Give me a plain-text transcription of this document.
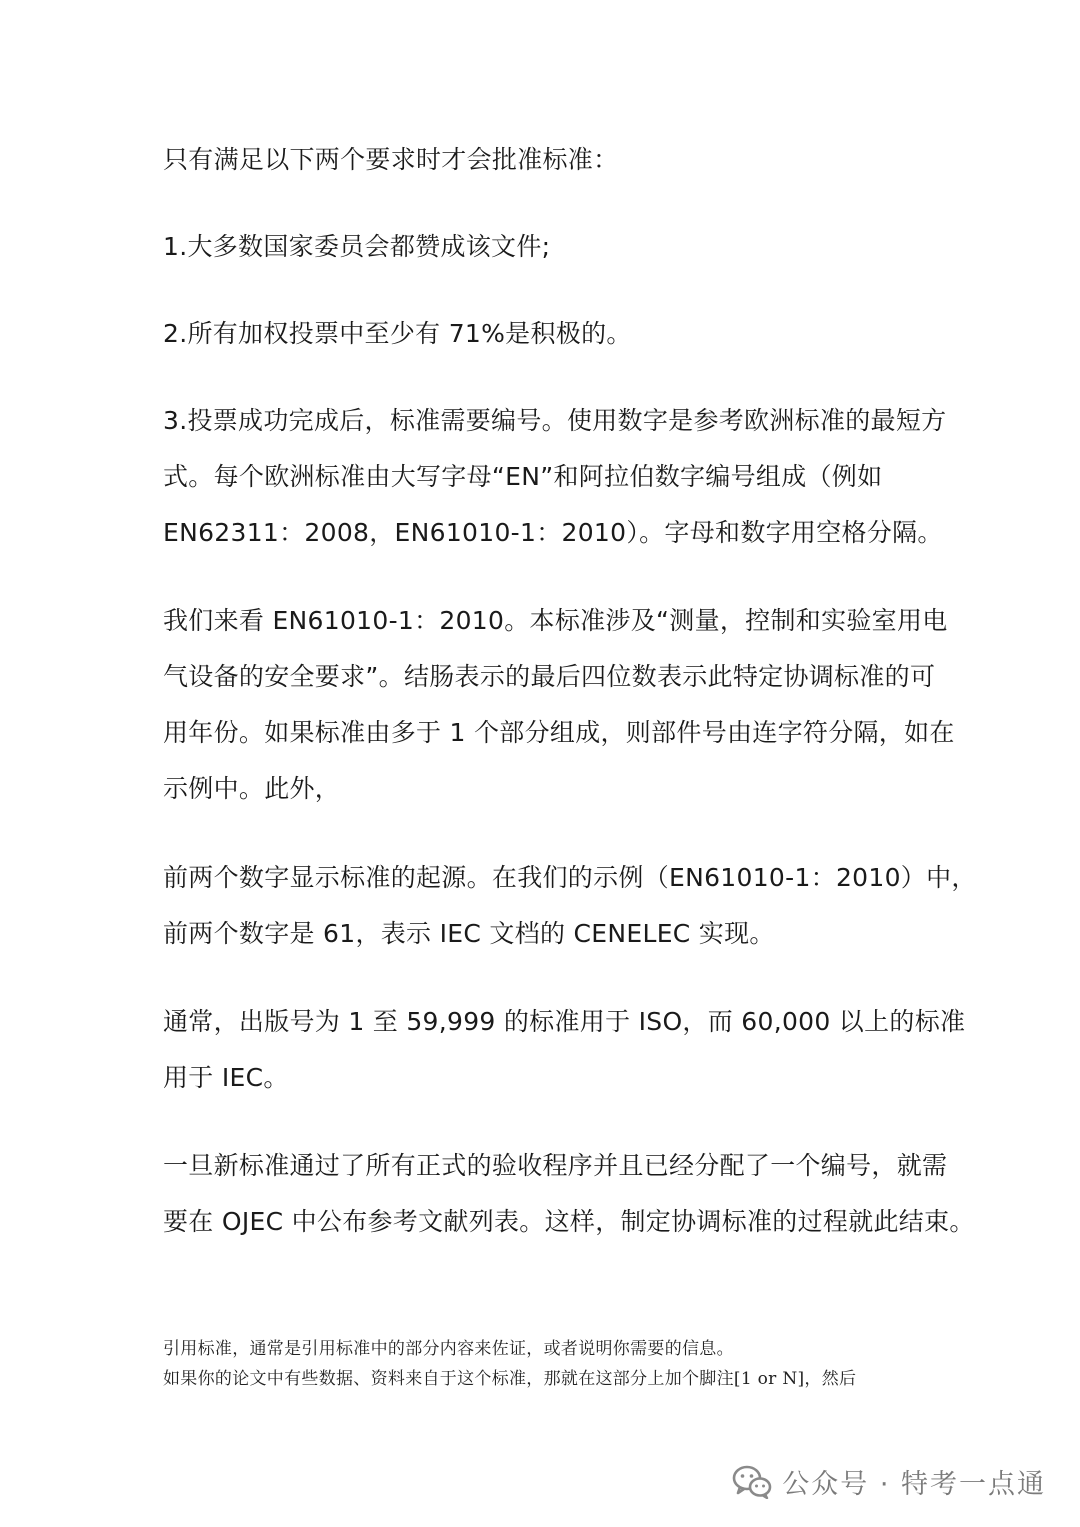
只有满足以下两个要求时才会批准标准：

1.大多数国家委员会都赞成该文件;

2.所有加权投票中至少有 71%是积极的。

3.投票成功完成后，标准需要编号。使用数字是参考欧洲标准的最短方
式。每个欧洲标准由大写字母“EN”和阿拉伯数字编号组成（例如
EN62311：2008，EN61010-1：2010）。字母和数字用空格分隔。

我们来看 EN61010-1：2010。本标准涉及“测量，控制和实验室用电
气设备的安全要求”。结肠表示的最后四位数表示此特定协调标准的可
用年份。如果标准由多于 1 个部分组成，则部件号由连字符分隔，如在
示例中。此外，

前两个数字显示标准的起源。在我们的示例（EN61010-1：2010）中，
前两个数字是 61，表示 IEC 文档的 CENELEC 实现。

通常，出版号为 1 至 59,999 的标准用于 ISO，而 60,000 以上的标准
用于 IEC。

一旦新标准通过了所有正式的验收程序并且已经分配了一个编号，就需
要在 OJEC 中公布参考文献列表。这样，制定协调标准的过程就此结束。

引用标准，通常是引用标准中的部分内容来佐证，或者说明你需要的信息。
如果你的论文中有些数据、资料来自于这个标准，那就在这部分上加个脚注[1 or N]，然后
公众号 · 特考一点通
